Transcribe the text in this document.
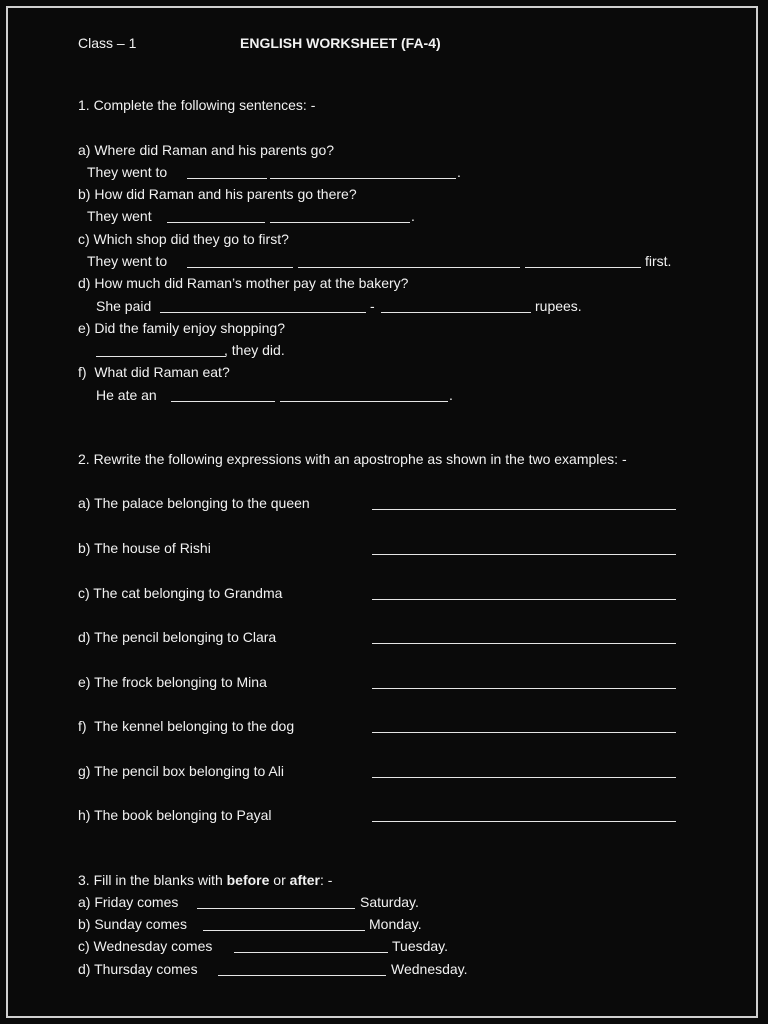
Class – 1	ENGLISH WORKSHEET (FA-4)
1. Complete the following sentences: -
a) Where did Raman and his parents go?
They went to	.
b) How did Raman and his parents go there?
They went	.
c) Which shop did they go to first?
They went to	first.
d) How much did Raman’s mother pay at the bakery?
She paid	-	rupees.
e) Did the family enjoy shopping?
, they did.
f)  What did Raman eat?
He ate an	.
2. Rewrite the following expressions with an apostrophe as shown in the two examples: -
a) The palace belonging to the queen
b) The house of Rishi
c) The cat belonging to Grandma
d) The pencil belonging to Clara
e) The frock belonging to Mina
f)  The kennel belonging to the dog
g) The pencil box belonging to Ali
h) The book belonging to Payal
3. Fill in the blanks with before or after: -
a) Friday comes	Saturday.
b) Sunday comes	Monday.
c) Wednesday comes	Tuesday.
d) Thursday comes	Wednesday.
